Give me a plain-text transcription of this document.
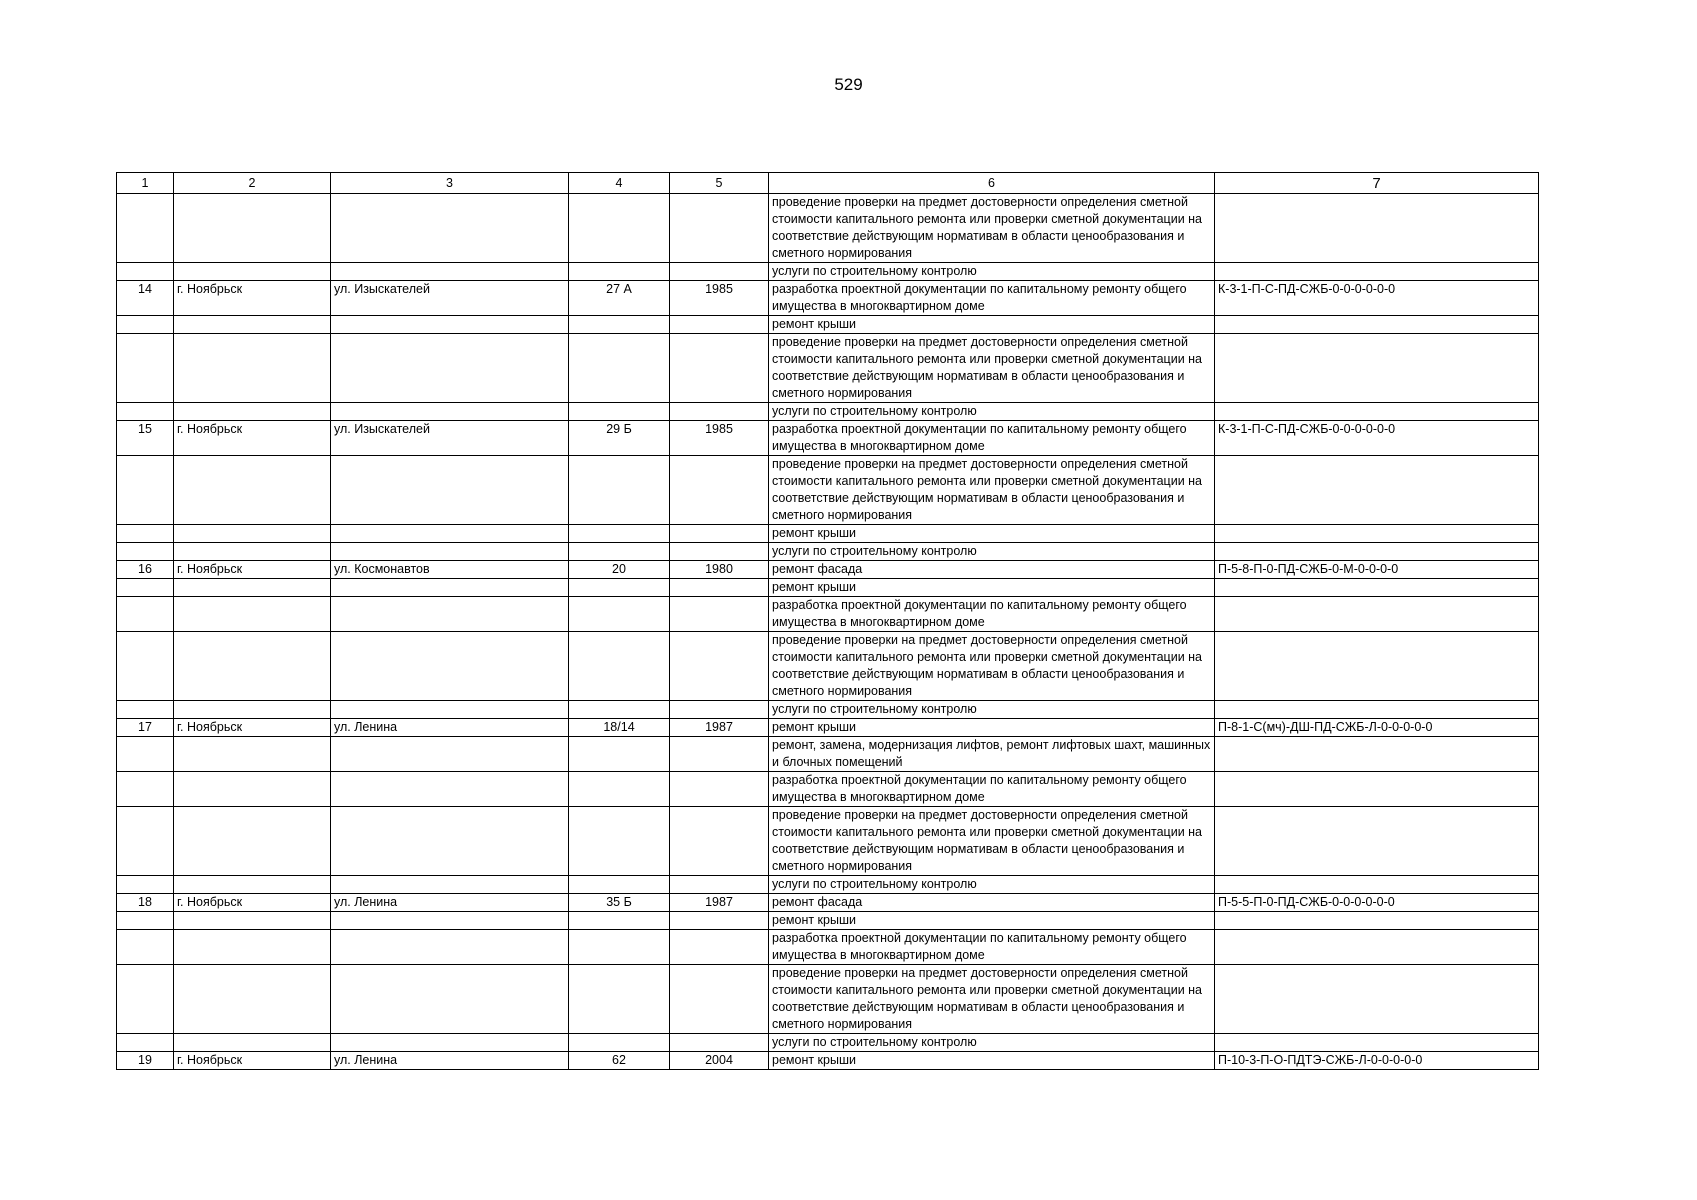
529
1	2	3	4	5	6	7
					проведение проверки на предмет достоверности определения сметной стоимости капитального ремонта или проверки сметной документации на соответствие действующим нормативам в области ценообразования и сметного нормирования	
					услуги по строительному контролю	
14	г. Ноябрьск	ул. Изыскателей	27 А	1985	разработка проектной документации по капитальному ремонту общего имущества в многоквартирном доме	К-3-1-П-С-ПД-СЖБ-0-0-0-0-0-0
					ремонт крыши	
					проведение проверки на предмет достоверности определения сметной стоимости капитального ремонта или проверки сметной документации на соответствие действующим нормативам в области ценообразования и сметного нормирования	
					услуги по строительному контролю	
15	г. Ноябрьск	ул. Изыскателей	29 Б	1985	разработка проектной документации по капитальному ремонту общего имущества в многоквартирном доме	К-3-1-П-С-ПД-СЖБ-0-0-0-0-0-0
					проведение проверки на предмет достоверности определения сметной стоимости капитального ремонта или проверки сметной документации на соответствие действующим нормативам в области ценообразования и сметного нормирования	
					ремонт крыши	
					услуги по строительному контролю	
16	г. Ноябрьск	ул. Космонавтов	20	1980	ремонт фасада	П-5-8-П-0-ПД-СЖБ-0-М-0-0-0-0
					ремонт крыши	
					разработка проектной документации по капитальному ремонту общего имущества в многоквартирном доме	
					проведение проверки на предмет достоверности определения сметной стоимости капитального ремонта или проверки сметной документации на соответствие действующим нормативам в области ценообразования и сметного нормирования	
					услуги по строительному контролю	
17	г. Ноябрьск	ул. Ленина	18/14	1987	ремонт крыши	П-8-1-С(мч)-ДШ-ПД-СЖБ-Л-0-0-0-0-0
					ремонт, замена, модернизация лифтов, ремонт лифтовых шахт, машинных и блочных помещений	
					разработка проектной документации по капитальному ремонту общего имущества в многоквартирном доме	
					проведение проверки на предмет достоверности определения сметной стоимости капитального ремонта или проверки сметной документации на соответствие действующим нормативам в области ценообразования и сметного нормирования	
					услуги по строительному контролю	
18	г. Ноябрьск	ул. Ленина	35 Б	1987	ремонт фасада	П-5-5-П-0-ПД-СЖБ-0-0-0-0-0-0
					ремонт крыши	
					разработка проектной документации по капитальному ремонту общего имущества в многоквартирном доме	
					проведение проверки на предмет достоверности определения сметной стоимости капитального ремонта или проверки сметной документации на соответствие действующим нормативам в области ценообразования и сметного нормирования	
					услуги по строительному контролю	
19	г. Ноябрьск	ул. Ленина	62	2004	ремонт крыши	П-10-3-П-О-ПДТЭ-СЖБ-Л-0-0-0-0-0
